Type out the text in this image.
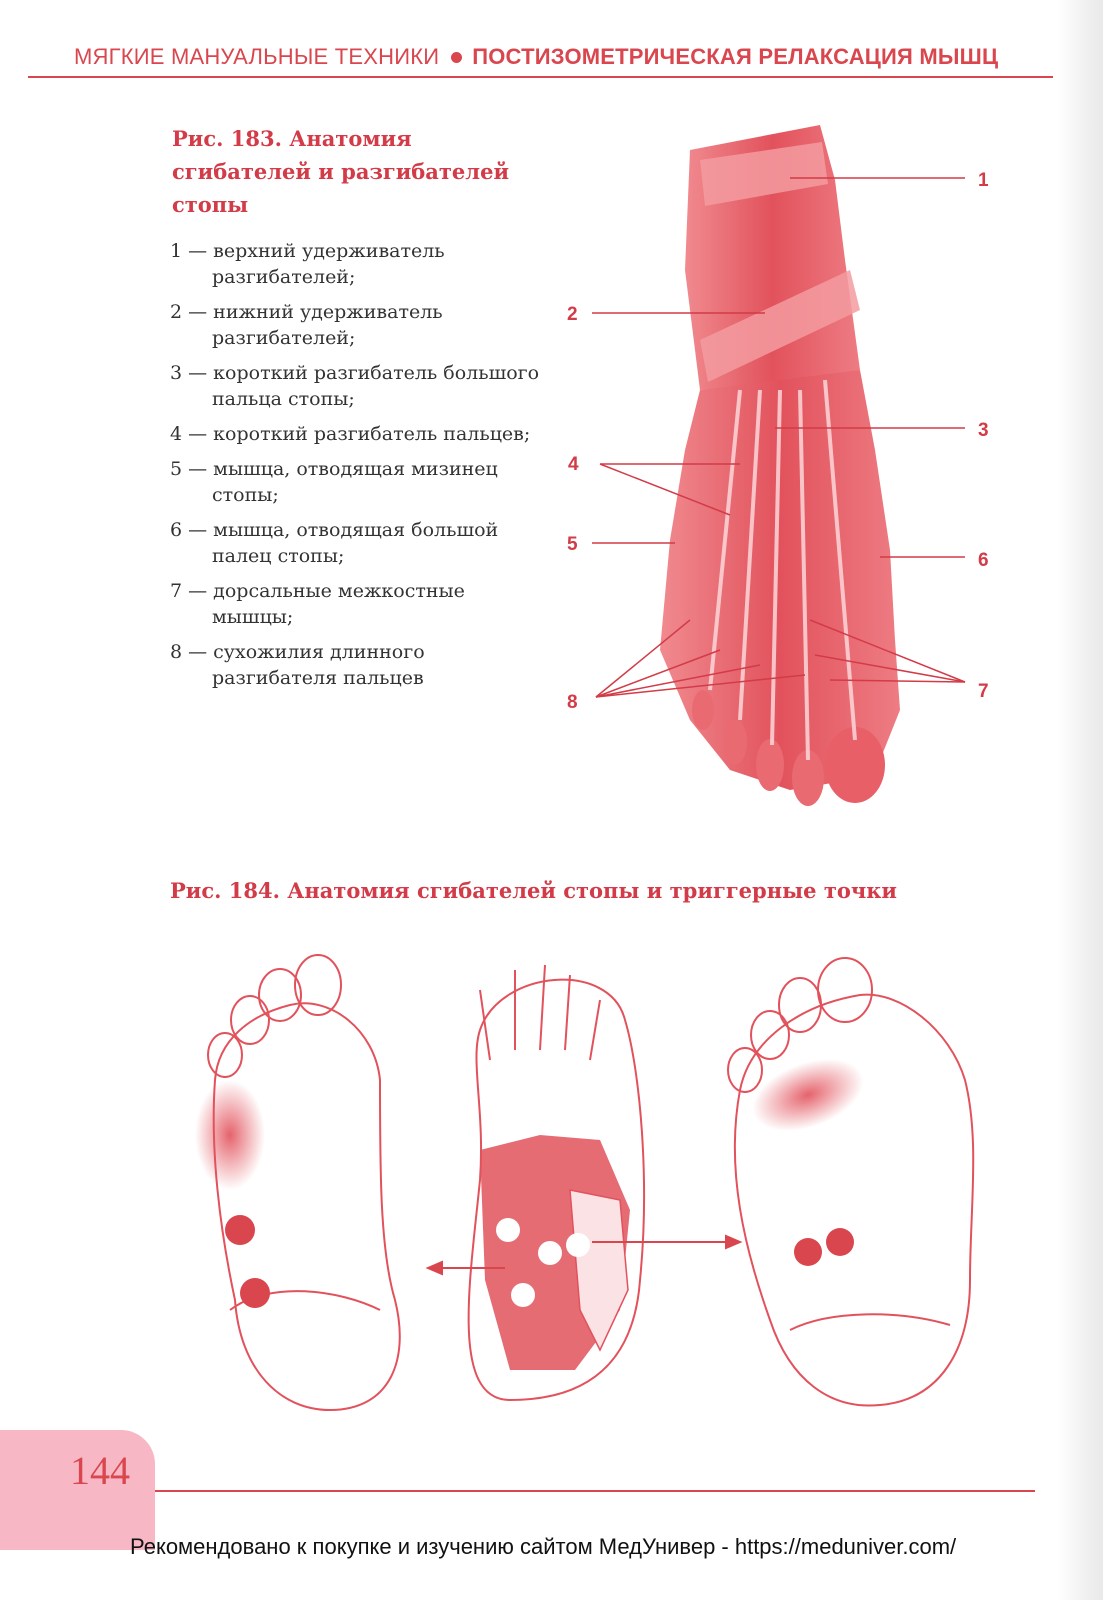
МЯГКИЕ МАНУАЛЬНЫЕ ТЕХНИКИ ПОСТИЗОМЕТРИЧЕСКАЯ РЕЛАКСАЦИЯ МЫШЦ
Рис. 183. Анатомия сгибателей и разгибателей стопы
1 — верхний удерживатель разгибателей;
2 — нижний удерживатель разгибателей;
3 — короткий разгибатель большого пальца стопы;
4 — короткий разгибатель пальцев;
5 — мышца, отводящая мизинец стопы;
6 — мышца, отводящая большой палец стопы;
7 — дорсальные межкостные мышцы;
8 — сухожилия длинного разгибателя пальцев
1
2
3
4
5
6
7
8
Рис. 184. Анатомия сгибателей стопы и триггерные точки
144
Рекомендовано к покупке и изучению сайтом МедУнивер - https://meduniver.com/
